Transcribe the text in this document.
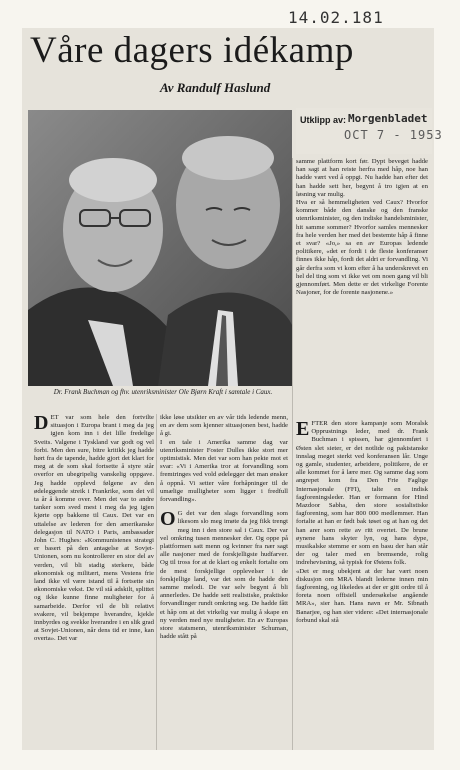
14.02.181
Våre dagers idékamp
Av Randulf Haslund
Dr. Frank Buchman og fhv. utenriksminister Ole Bjørn Kraft i samtale i Caux.
Utklipp av: Morgenbladet
OCT 7 - 1953
DET var som hele den fortvilte situasjon i Europa brant i meg da jeg igjen kom inn i det lille fredelige Sveits. Valgene i Tyskland var godt og vel forbi. Men den sure, bitre kritikk jeg hadde hørt fra de tapende, hadde gjort det klart for meg at de som skal fortsette å styre står overfor en ubegripelig vanskelig oppgave. Jeg hadde opplevd følgene av den ødeleggende streik i Frankrike, som det vil ta år å komme over. Men det var to andre tanker som sved mest i meg da jeg igjen kjørte opp bakkene til Caux. Det var en uttalelse av lederen for den amerikanske delegasjon til NATO i Paris, ambassadør John C. Hughes: «Kommunistenes strategi er basert på den antagelse at Sovjet-Unionen, som nu kontrollerer en stor del av verden, vil bli stadig sterkere, både økonomisk og militært, mens Vestens frie land ikke vil være istand til å fortsette sin økonomiske vekst. De vil stå adskilt, splittet og ikke kunne finne muligheter for å samarbeide. Derfor vil de bli relativt svakere, vil bekjempe hverandre, kjekle innbyrdes og svekke hverandre i en slik grad at Sovjet-Unionen, når dens tid er inne, kan overta». Det var
ikke løse utsikter en av vår tids ledende menn, en av dem som kjenner situasjonen best, hadde å gi.
I en tale i Amerika samme dag var utenriksminister Foster Dulles ikke stort mer optimistisk. Men det var som han pekte mot et svar: «Vi i Amerika tror at forvandling som fremtringes ved vold ødelegger det man ønsker å oppnå. Vi setter våre forhåpninger til de umælige mulligheter som ligger i fredfull forvandling».
O G det var den slags forvandling som likesom slo meg imøte da jeg fikk trengt meg inn i den store sal i Caux. Der var vel omkring tusen mennesker der. Og oppe på plattformen satt menn og kvinner fra nær sagt alle nasjoner med de forskjelligste hudfarver. Og til tross for at de klart og enkelt fortalte om de mest forskjellige opplevelser i de forskjellige land, var det som de hadde den samme melodi. De var selv begynt å bli annerledes. De hadde sett realistiske, praktiske forvandlinger rundt omkring seg. De hadde fått et håp om at det virkelig var mulig å skape en ny verden med nye muligheter. En av Europas store statsmenn, utenriksminister Schuman, hadde stått på
samme plattform kort før. Dypt beveget hadde han sagt at han reiste herfra med håp, noe han hadde vært ved å oppgi. Nu hadde han efter det han hadde sett her, begynt å tro igjen at en løsning var mulig.
Hva er så hemmeligheten ved Caux? Hvorfor kommer både den danske og den franske utenriksminister, og den indiske handelsminister, hit samme sommer? Hvorfor samles mennesker fra hele verden her med det bestemte håp å finne et svar? «Jo,» sa en av Europas ledende politikere, «det er fordi i de fleste konferanser finnes ikke håp, fordi det aldri er forvandling. Vi går derfra som vi kom efter å ha underskrevet en hel del ting som vi ikke vet om noen gang vil bli gjennomført. Men dette er det virkelige Forente Nasjoner, for de forente nasjonene.»
EFTER den store kampanje som Moralsk Opprustnings leder, med dr. Frank Buchman i spissen, har gjennomført i Østen slet sieter, er det notlide og pakistanske innslag meget sterkt ved konferansen lår. Unge og gamle, studenter, arbeidere, politikere, de er alle kommet for å lære mer. Og samme dag som angrepet kom fra Den Frie Faglige Internasjonale (FFI), talte en indisk fagforeningsleder. Han er formann for Hind Mazdoor Sabha, den store sosialistiske fagforening, som har 800 000 medlemmer. Han fortalte at han er født bak tøset og at han og det han arer som rette av ritt overtet. De brune øynene hans skyter lyn, og hans dype, musikalske stemme er som en basu der han står der og taler med en bremsende, rolig indrehevisning, så typisk for Østens folk.
«Det er meg ubekjent at der har vært noen diskusjon om MRA blandt lederne innen min fagforening, og likeledes at der er gitt ordre til å foreta noen offisiell undersøkelse angående MRA», sier han. Hans navn er Mr. Sibnath Banarjee, og han sier videre: «Det internasjonale forbund skal stå
